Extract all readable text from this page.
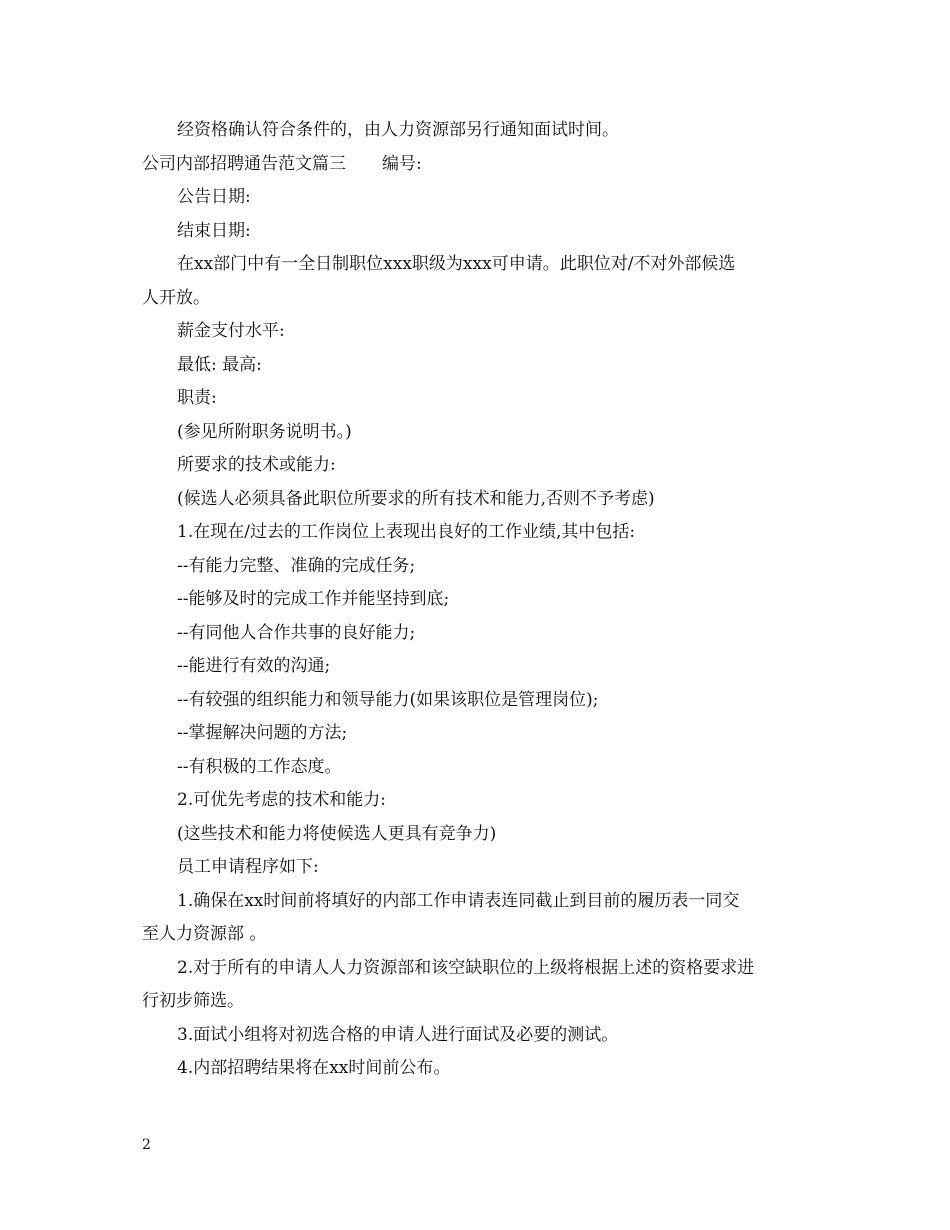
经资格确认符合条件的，由人力资源部另行通知面试时间。
公司内部招聘通告范文篇三 编号:
公告日期:
结束日期:
在xx部门中有一全日制职位xxx职级为xxx可申请。此职位对/不对外部候选
人开放。
薪金支付水平:
最低: 最高:
职责:
(参见所附职务说明书。)
所要求的技术或能力:
(候选人必须具备此职位所要求的所有技术和能力,否则不予考虑)
1.在现在/过去的工作岗位上表现出良好的工作业绩,其中包括:
--有能力完整、准确的完成任务;
--能够及时的完成工作并能坚持到底;
--有同他人合作共事的良好能力;
--能进行有效的沟通;
--有较强的组织能力和领导能力(如果该职位是管理岗位);
--掌握解决问题的方法;
--有积极的工作态度。
2.可优先考虑的技术和能力:
(这些技术和能力将使候选人更具有竞争力)
员工申请程序如下:
1.确保在xx时间前将填好的内部工作申请表连同截止到目前的履历表一同交
至人力资源部 。
2.对于所有的申请人人力资源部和该空缺职位的上级将根据上述的资格要求进
行初步筛选。
3.面试小组将对初选合格的申请人进行面试及必要的测试。
4.内部招聘结果将在xx时间前公布。
2
